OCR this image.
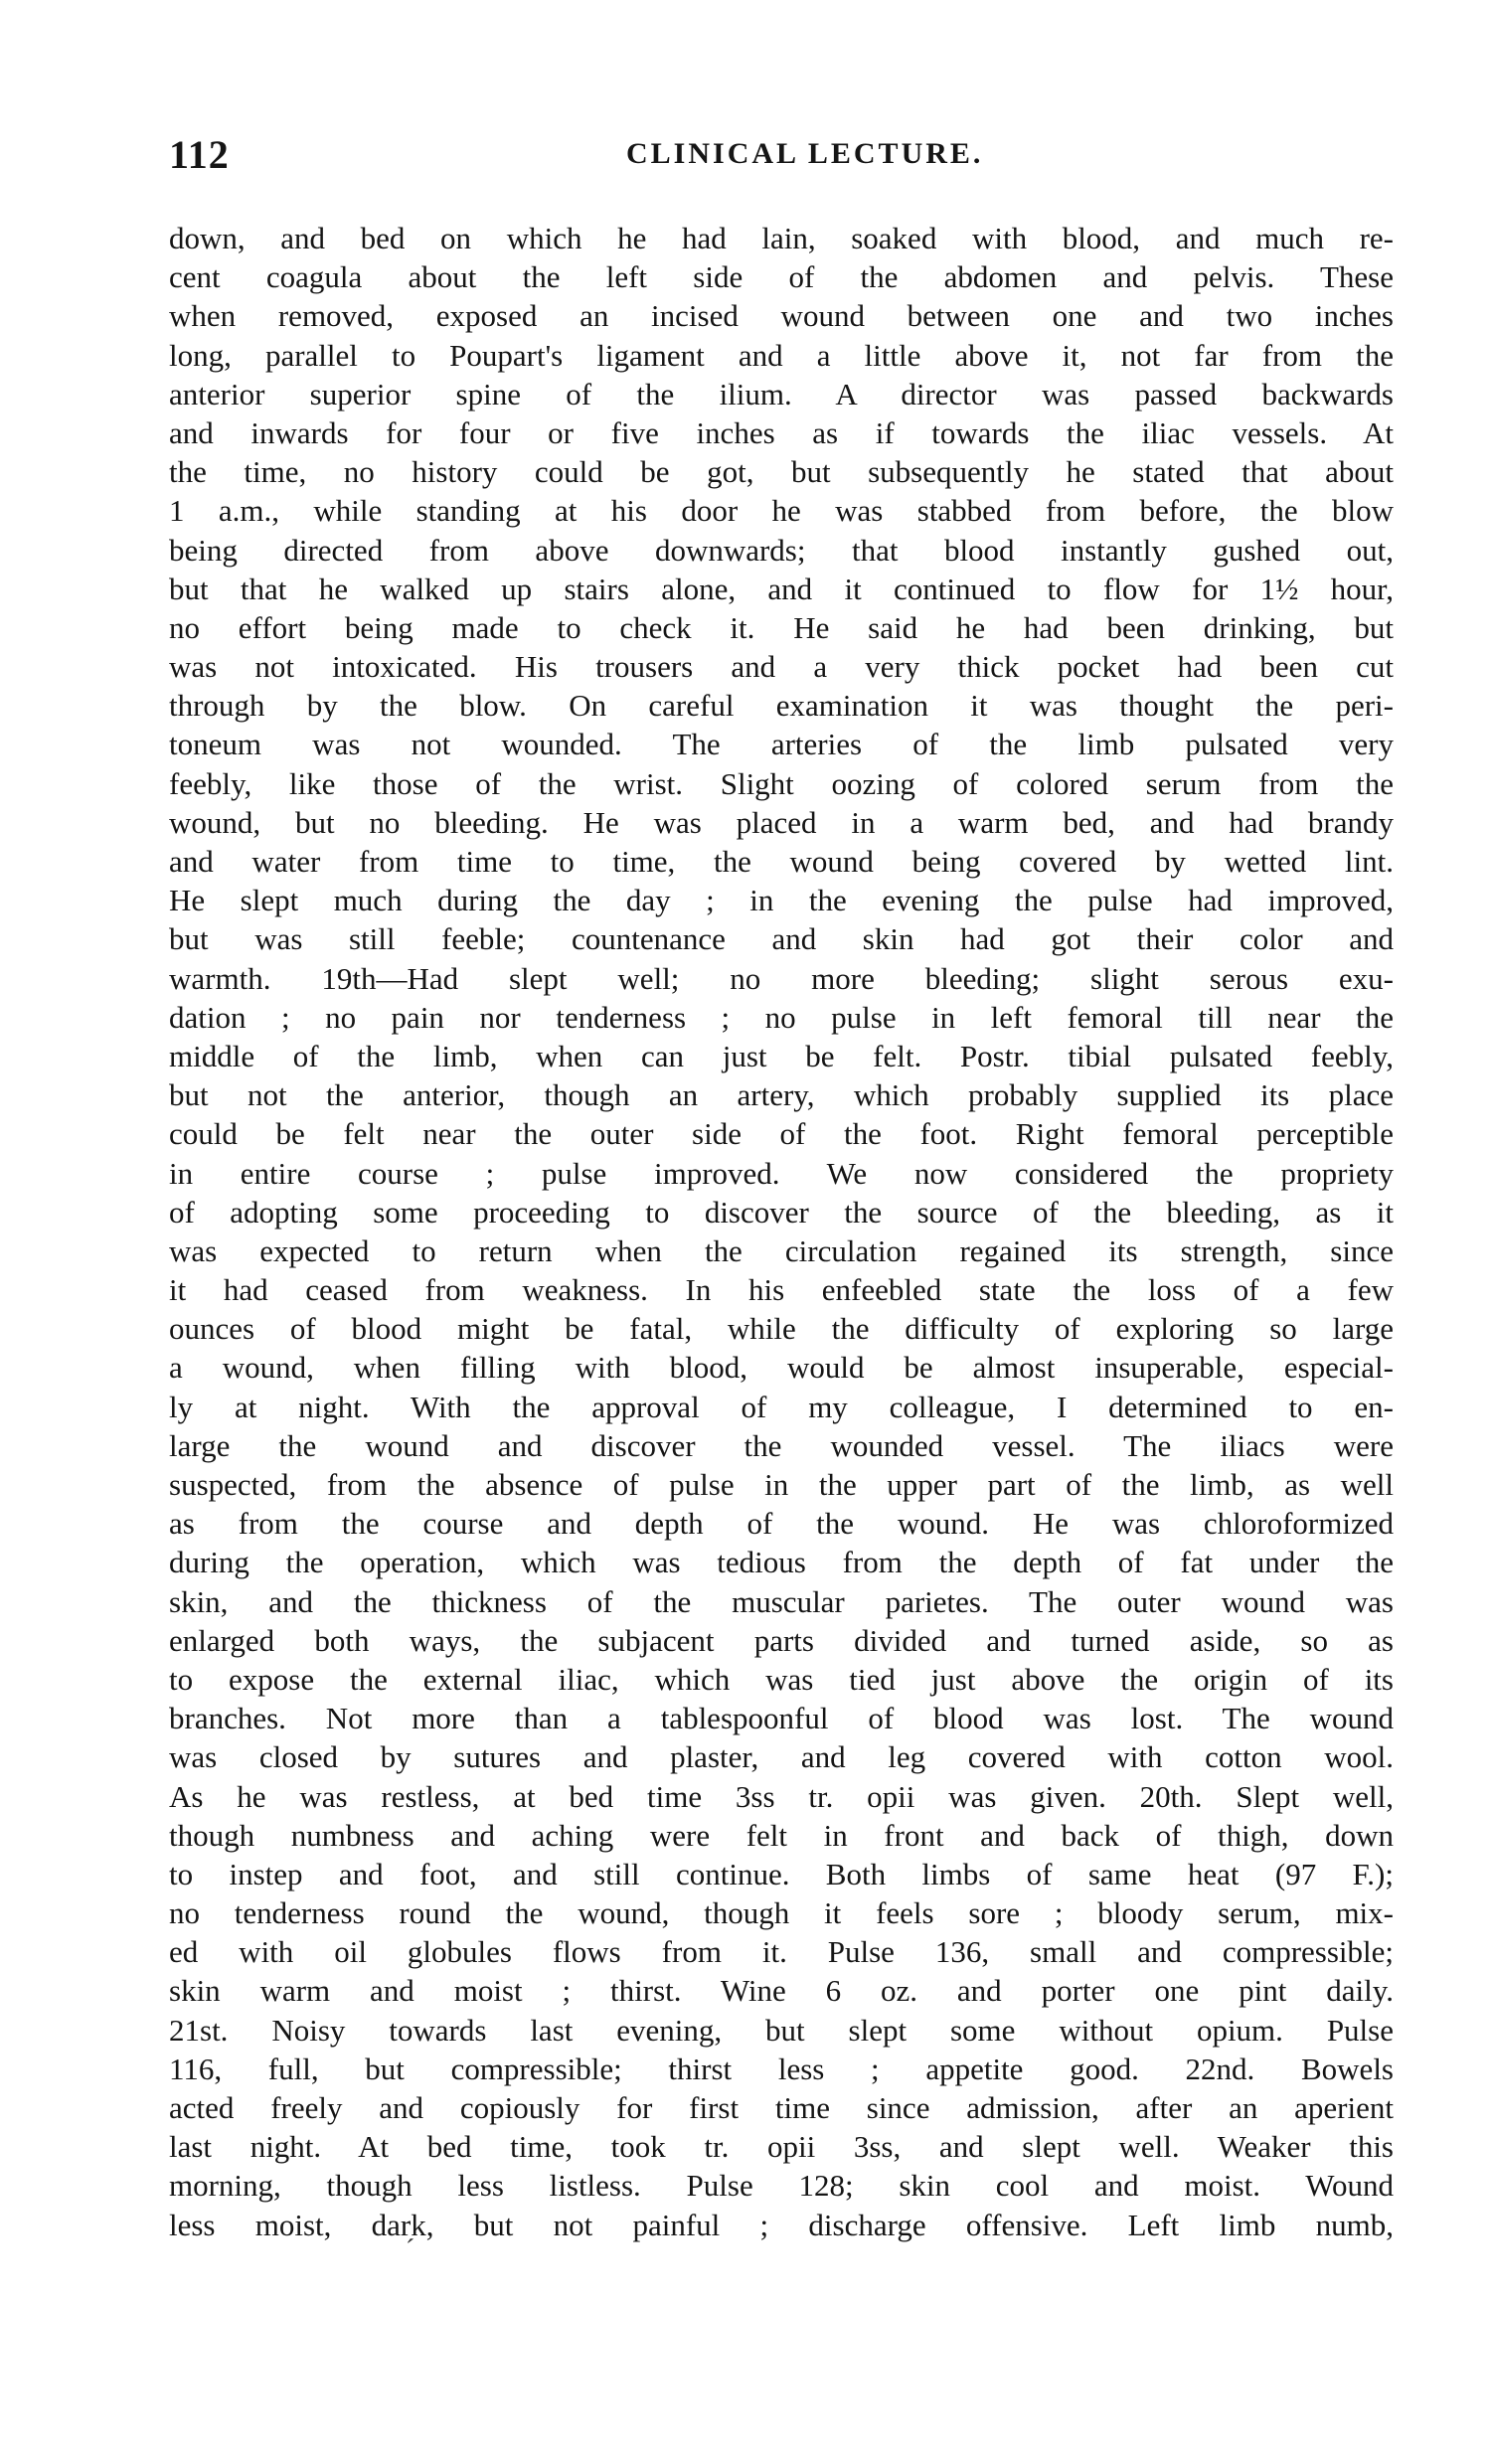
112	CLINICAL LECTURE.
down, and bed on which he had lain, soaked with blood, and much re-
cent coagula about the left side of the abdomen and pelvis. These
when removed, exposed an incised wound between one and two inches
long, parallel to Poupart's ligament and a little above it, not far from the
anterior superior spine of the ilium. A director was passed backwards
and inwards for four or five inches as if towards the iliac vessels. At
the time, no history could be got, but subsequently he stated that about
1 a.m., while standing at his door he was stabbed from before, the blow
being directed from above downwards; that blood instantly gushed out,
but that he walked up stairs alone, and it continued to flow for 1½ hour,
no effort being made to check it. He said he had been drinking, but
was not intoxicated. His trousers and a very thick pocket had been cut
through by the blow. On careful examination it was thought the peri-
toneum was not wounded. The arteries of the limb pulsated very
feebly, like those of the wrist. Slight oozing of colored serum from the
wound, but no bleeding. He was placed in a warm bed, and had brandy
and water from time to time, the wound being covered by wetted lint.
He slept much during the day ; in the evening the pulse had improved,
but was still feeble; countenance and skin had got their color and
warmth. 19th—Had slept well; no more bleeding; slight serous exu-
dation ; no pain nor tenderness ; no pulse in left femoral till near the
middle of the limb, when can just be felt. Postr. tibial pulsated feebly,
but not the anterior, though an artery, which probably supplied its place
could be felt near the outer side of the foot. Right femoral perceptible
in entire course ; pulse improved. We now considered the propriety
of adopting some proceeding to discover the source of the bleeding, as it
was expected to return when the circulation regained its strength, since
it had ceased from weakness. In his enfeebled state the loss of a few
ounces of blood might be fatal, while the difficulty of exploring so large
a wound, when filling with blood, would be almost insuperable, especial-
ly at night. With the approval of my colleague, I determined to en-
large the wound and discover the wounded vessel. The iliacs were
suspected, from the absence of pulse in the upper part of the limb, as well
as from the course and depth of the wound. He was chloroformized
during the operation, which was tedious from the depth of fat under the
skin, and the thickness of the muscular parietes. The outer wound was
enlarged both ways, the subjacent parts divided and turned aside, so as
to expose the external iliac, which was tied just above the origin of its
branches. Not more than a tablespoonful of blood was lost. The wound
was closed by sutures and plaster, and leg covered with cotton wool.
As he was restless, at bed time 3ss tr. opii was given. 20th. Slept well,
though numbness and aching were felt in front and back of thigh, down
to instep and foot, and still continue. Both limbs of same heat (97 F.);
no tenderness round the wound, though it feels sore ; bloody serum, mix-
ed with oil globules flows from it. Pulse 136, small and compressible;
skin warm and moist ; thirst. Wine 6 oz. and porter one pint daily.
21st. Noisy towards last evening, but slept some without opium. Pulse
116, full, but compressible; thirst less ; appetite good. 22nd. Bowels
acted freely and copiously for first time since admission, after an aperient
last night. At bed time, took tr. opii 3ss, and slept well. Weaker this
morning, though less listless. Pulse 128; skin cool and moist. Wound
less moist, dark, but not painful ; discharge offensive. Left limb numb,
ˊ
